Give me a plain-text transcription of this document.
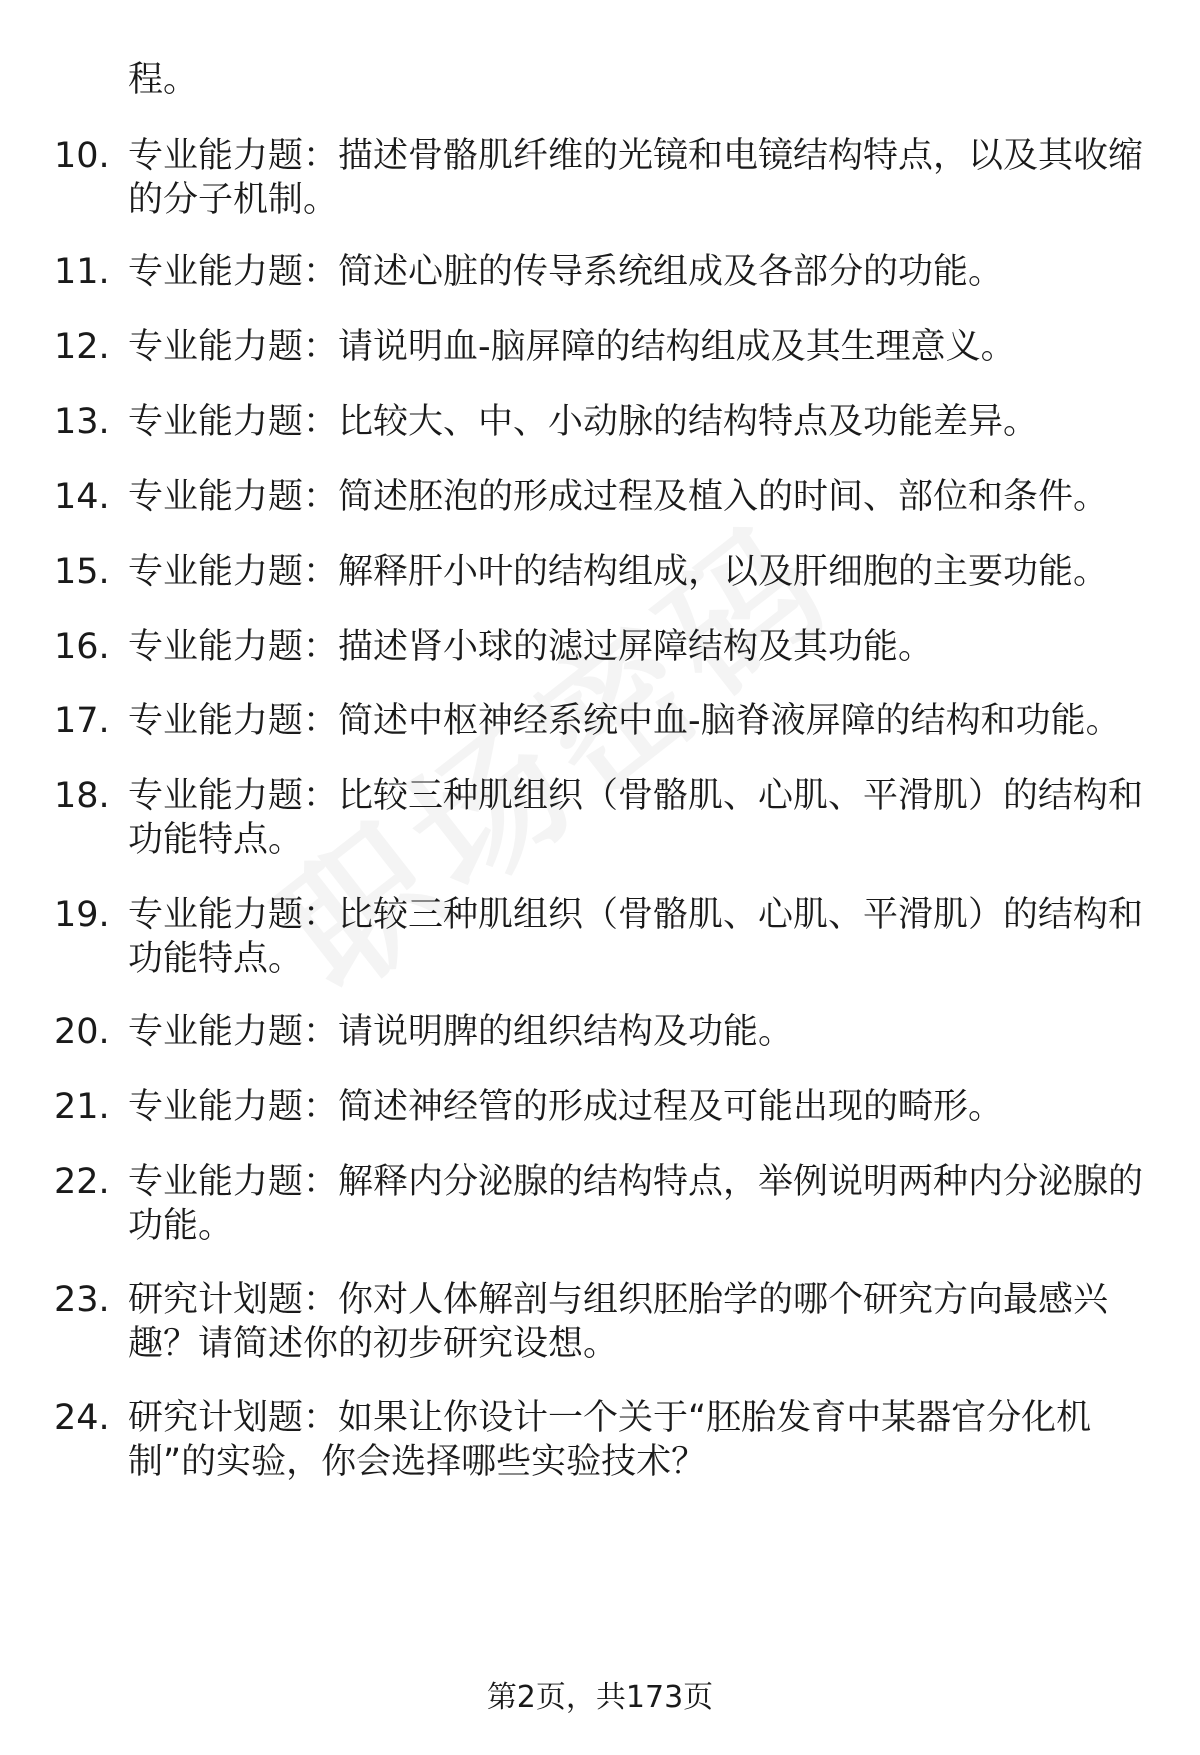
程。
10. 专业能力题：描述骨骼肌纤维的光镜和电镜结构特点，以及其收缩的分子机制。
11. 专业能力题：简述心脏的传导系统组成及各部分的功能。
12. 专业能力题：请说明血-脑屏障的结构组成及其生理意义。
13. 专业能力题：比较大、中、小动脉的结构特点及功能差异。
14. 专业能力题：简述胚泡的形成过程及植入的时间、部位和条件。
15. 专业能力题：解释肝小叶的结构组成，以及肝细胞的主要功能。
16. 专业能力题：描述肾小球的滤过屏障结构及其功能。
17. 专业能力题：简述中枢神经系统中血-脑脊液屏障的结构和功能。
18. 专业能力题：比较三种肌组织（骨骼肌、心肌、平滑肌）的结构和功能特点。
19. 专业能力题：比较三种肌组织（骨骼肌、心肌、平滑肌）的结构和功能特点。
20. 专业能力题：请说明脾的组织结构及功能。
21. 专业能力题：简述神经管的形成过程及可能出现的畸形。
22. 专业能力题：解释内分泌腺的结构特点，举例说明两种内分泌腺的功能。
23. 研究计划题：你对人体解剖与组织胚胎学的哪个研究方向最感兴趣？请简述你的初步研究设想。
24. 研究计划题：如果让你设计一个关于“胚胎发育中某器官分化机制”的实验，你会选择哪些实验技术？
第2页，共173页
